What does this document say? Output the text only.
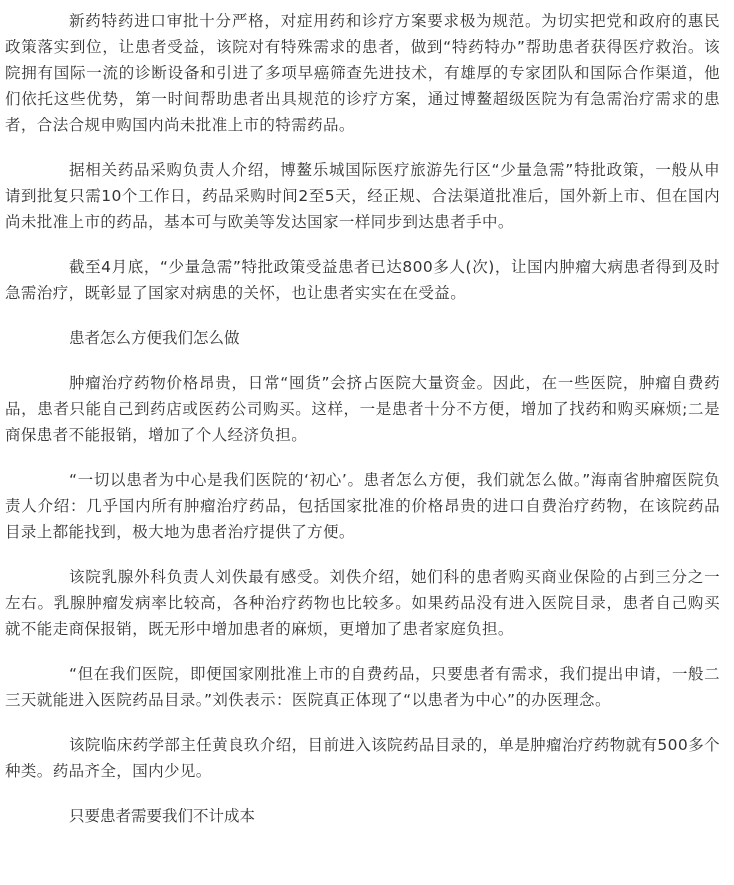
新药特药进口审批十分严格，对症用药和诊疗方案要求极为规范。为切实把党和政府的惠民政策落实到位，让患者受益，该院对有特殊需求的患者，做到“特药特办”帮助患者获得医疗救治。该院拥有国际一流的诊断设备和引进了多项早癌筛查先进技术，有雄厚的专家团队和国际合作渠道，他们依托这些优势，第一时间帮助患者出具规范的诊疗方案，通过博鳌超级医院为有急需治疗需求的患者，合法合规申购国内尚未批准上市的特需药品。

据相关药品采购负责人介绍，博鳌乐城国际医疗旅游先行区“少量急需”特批政策，一般从申请到批复只需10个工作日，药品采购时间2至5天，经正规、合法渠道批准后，国外新上市、但在国内尚未批准上市的药品，基本可与欧美等发达国家一样同步到达患者手中。

截至4月底，“少量急需”特批政策受益患者已达800多人(次)，让国内肿瘤大病患者得到及时急需治疗，既彰显了国家对病患的关怀，也让患者实实在在受益。

患者怎么方便我们怎么做

肿瘤治疗药物价格昂贵，日常“囤货”会挤占医院大量资金。因此，在一些医院，肿瘤自费药品，患者只能自己到药店或医药公司购买。这样，一是患者十分不方便，增加了找药和购买麻烦;二是商保患者不能报销，增加了个人经济负担。

“一切以患者为中心是我们医院的‘初心’。患者怎么方便，我们就怎么做。”海南省肿瘤医院负责人介绍：几乎国内所有肿瘤治疗药品，包括国家批准的价格昂贵的进口自费治疗药物，在该院药品目录上都能找到，极大地为患者治疗提供了方便。

该院乳腺外科负责人刘佚最有感受。刘佚介绍，她们科的患者购买商业保险的占到三分之一左右。乳腺肿瘤发病率比较高，各种治疗药物也比较多。如果药品没有进入医院目录，患者自己购买就不能走商保报销，既无形中增加患者的麻烦，更增加了患者家庭负担。

“但在我们医院，即便国家刚批准上市的自费药品，只要患者有需求，我们提出申请，一般二三天就能进入医院药品目录。”刘佚表示：医院真正体现了“以患者为中心”的办医理念。

该院临床药学部主任黄良玖介绍，目前进入该院药品目录的，单是肿瘤治疗药物就有500多个种类。药品齐全，国内少见。

只要患者需要我们不计成本
